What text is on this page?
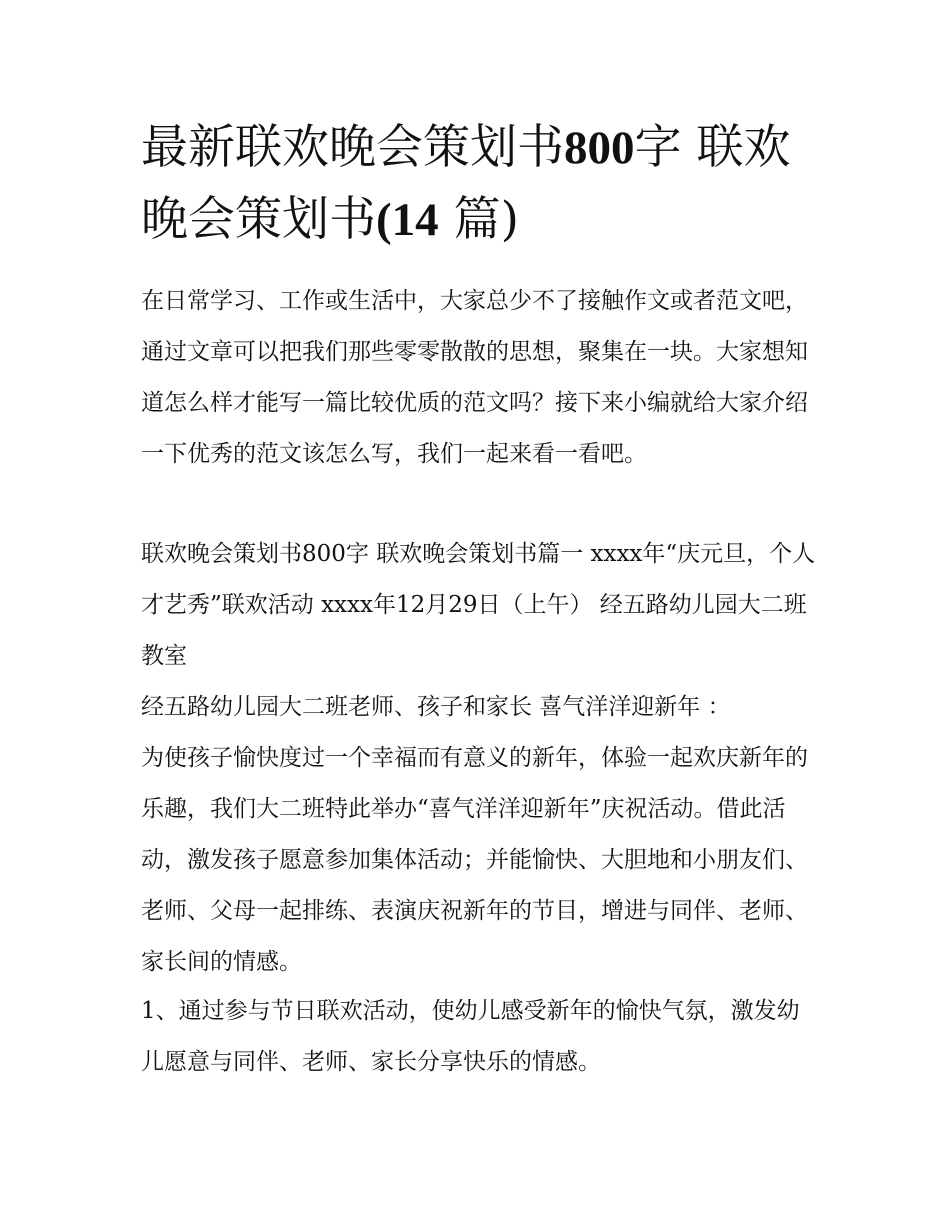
最新联欢晚会策划书800字 联欢晚会策划书(14 篇)

在日常学习、工作或生活中，大家总少不了接触作文或者范文吧，通过文章可以把我们那些零零散散的思想，聚集在一块。大家想知道怎么样才能写一篇比较优质的范文吗？接下来小编就给大家介绍一下优秀的范文该怎么写，我们一起来看一看吧。

联欢晚会策划书800字 联欢晚会策划书篇一 xxxx年“庆元旦，个人才艺秀”联欢活动 xxxx年12月29日（上午） 经五路幼儿园大二班教室

经五路幼儿园大二班老师、孩子和家长 喜气洋洋迎新年 ：

为使孩子愉快度过一个幸福而有意义的新年，体验一起欢庆新年的乐趣，我们大二班特此举办“喜气洋洋迎新年”庆祝活动。借此活动，激发孩子愿意参加集体活动；并能愉快、大胆地和小朋友们、老师、父母一起排练、表演庆祝新年的节目，增进与同伴、老师、家长间的情感。

1、通过参与节日联欢活动，使幼儿感受新年的愉快气氛，激发幼儿愿意与同伴、老师、家长分享快乐的情感。
